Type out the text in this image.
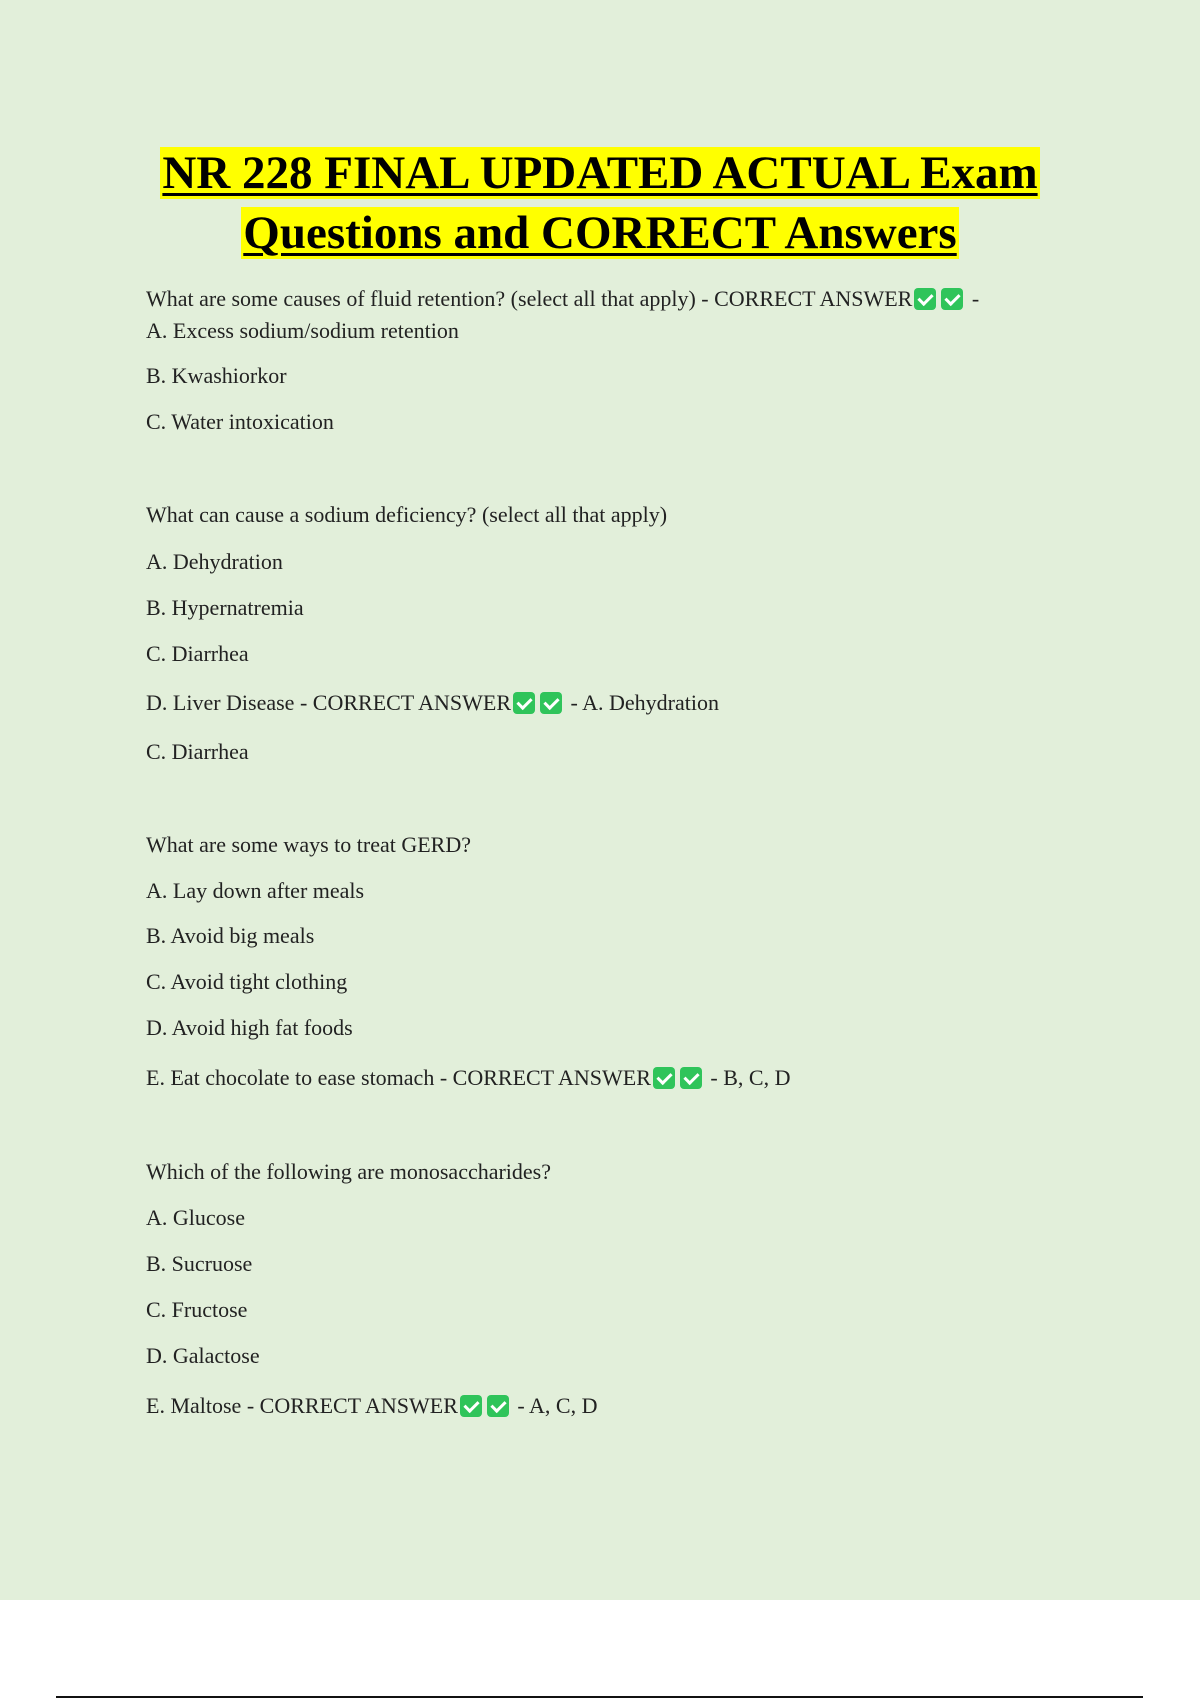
NR 228 FINAL UPDATED ACTUAL Exam
Questions and CORRECT Answers
What are some causes of fluid retention? (select all that apply) - CORRECT ANSWER -
A. Excess sodium/sodium retention
B. Kwashiorkor
C. Water intoxication
What can cause a sodium deficiency? (select all that apply)
A. Dehydration
B. Hypernatremia
C. Diarrhea
D. Liver Disease - CORRECT ANSWER - A. Dehydration
C. Diarrhea
What are some ways to treat GERD?
A. Lay down after meals
B. Avoid big meals
C. Avoid tight clothing
D. Avoid high fat foods
E. Eat chocolate to ease stomach - CORRECT ANSWER - B, C, D
Which of the following are monosaccharides?
A. Glucose
B. Sucruose
C. Fructose
D. Galactose
E. Maltose - CORRECT ANSWER - A, C, D
